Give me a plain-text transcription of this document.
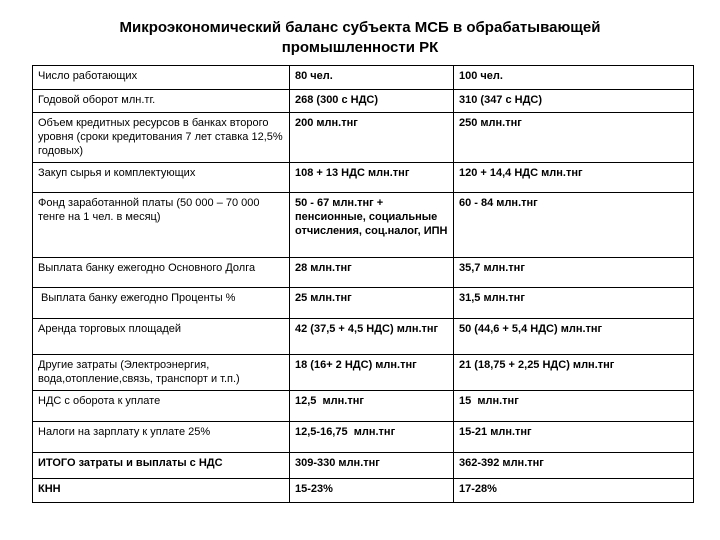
Микроэкономический баланс субъекта МСБ в обрабатывающей
промышленности РК
Число работающих	80 чел.	100 чел.
Годовой оборот млн.тг.	268 (300 с НДС)	310 (347 с НДС)
Объем кредитных ресурсов в банках второго уровня (сроки кредитования 7 лет ставка 12,5% годовых)	200 млн.тнг	250 млн.тнг
Закуп сырья и комплектующих	108 + 13 НДС млн.тнг	120 + 14,4 НДС млн.тнг
Фонд заработанной платы (50 000 – 70 000 тенге на 1 чел. в месяц)	50 - 67 млн.тнг + пенсионные, социальные отчисления, соц.налог, ИПН	60 - 84 млн.тнг
Выплата банку ежегодно Основного Долга	28 млн.тнг	35,7 млн.тнг
Выплата банку ежегодно Проценты %	25 млн.тнг	31,5 млн.тнг
Аренда торговых площадей	42 (37,5 + 4,5 НДС) млн.тнг	50 (44,6 + 5,4 НДС) млн.тнг
Другие затраты (Электроэнергия, вода,отопление,связь, транспорт и т.п.)	18 (16+ 2 НДС) млн.тнг	21 (18,75 + 2,25 НДС) млн.тнг
НДС с оборота к уплате	12,5  млн.тнг	15  млн.тнг
Налоги на зарплату к уплате 25%	12,5-16,75  млн.тнг	15-21 млн.тнг
ИТОГО затраты и выплаты с НДС	309-330 млн.тнг	362-392 млн.тнг
КНН	15-23%	17-28%
